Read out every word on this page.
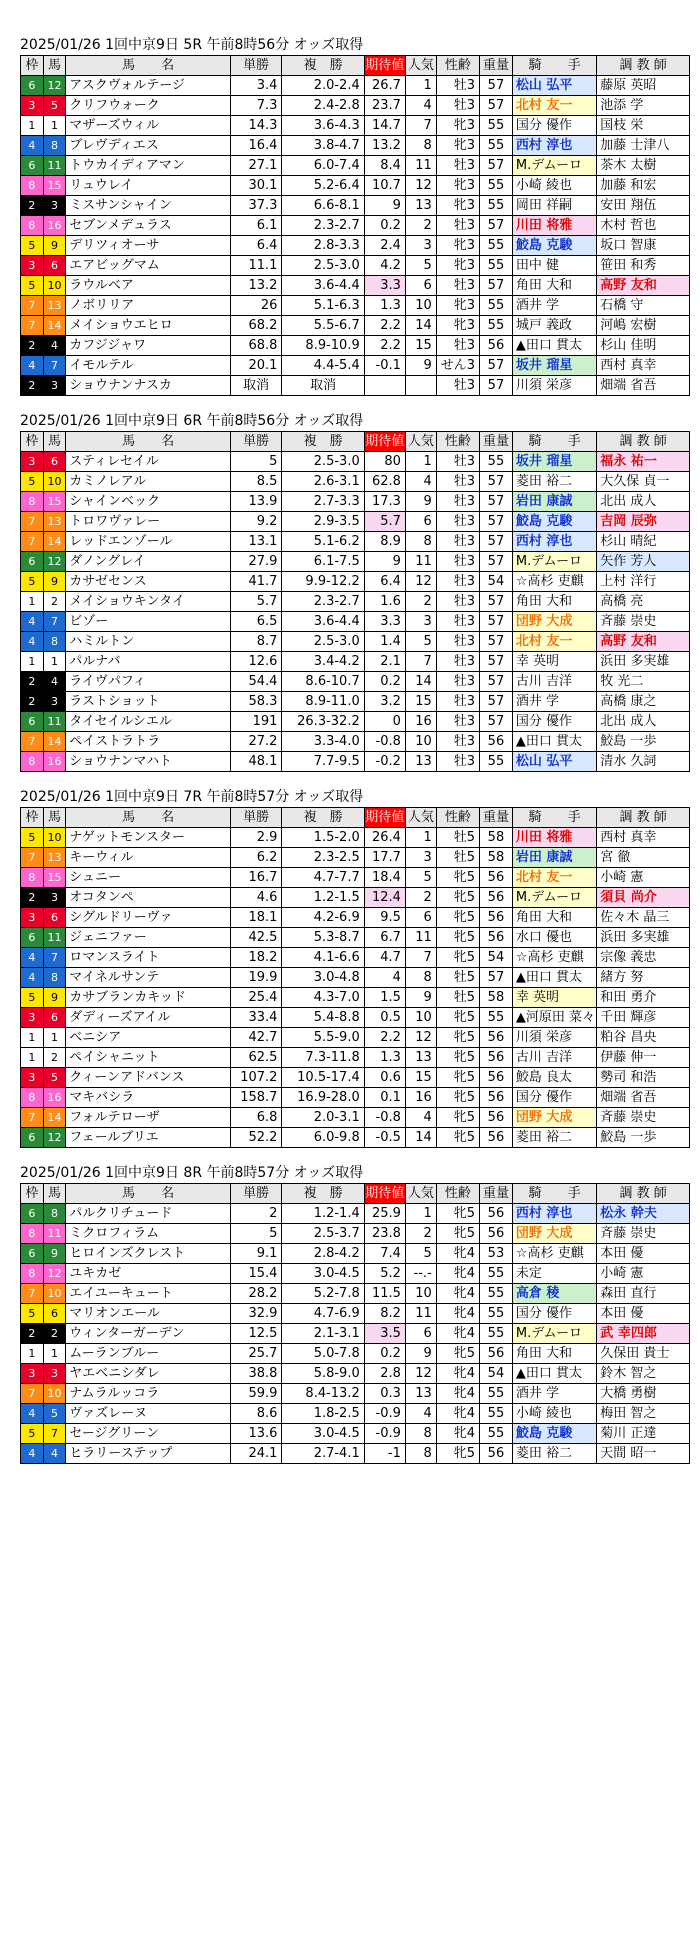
2025/01/26 1回中京9日 5R 午前8時56分 オッズ取得
枠	馬	馬　　名	単勝	複　勝	期待値	人気	性齢	重量	騎　　手	調 教 師
6	12	アスクヴォルテージ	3.4	2.0-2.4	26.7	1	牡3	57	松山 弘平	藤原 英昭
3	5	クリフウォーク	7.3	2.4-2.8	23.7	4	牡3	57	北村 友一	池添 学
1	1	マザーズウィル	14.3	3.6-4.3	14.7	7	牝3	55	国分 優作	国枝 栄
4	8	ブレヴディエス	16.4	3.8-4.7	13.2	8	牝3	55	西村 淳也	加藤 士津八
6	11	トウカイディアマン	27.1	6.0-7.4	8.4	11	牡3	57	M.デムーロ	茶木 太樹
8	15	リュウレイ	30.1	5.2-6.4	10.7	12	牝3	55	小崎 綾也	加藤 和宏
2	3	ミスサンシャイン	37.3	6.6-8.1	9	13	牝3	55	岡田 祥嗣	安田 翔伍
8	16	セブンメデュラス	6.1	2.3-2.7	0.2	2	牡3	57	川田 将雅	木村 哲也
5	9	デリツィオーサ	6.4	2.8-3.3	2.4	3	牝3	55	鮫島 克駿	坂口 智康
3	6	エアビッグマム	11.1	2.5-3.0	4.2	5	牝3	55	田中 健	笹田 和秀
5	10	ラウルベア	13.2	3.6-4.4	3.3	6	牡3	57	角田 大和	高野 友和
7	13	ノボリリア	26	5.1-6.3	1.3	10	牝3	55	酒井 学	石橋 守
7	14	メイショウエヒロ	68.2	5.5-6.7	2.2	14	牝3	55	城戸 義政	河嶋 宏樹
2	4	カフジジャワ	68.8	8.9-10.9	2.2	15	牡3	56	▲田口 貫太	杉山 佳明
4	7	イモルテル	20.1	4.4-5.4	-0.1	9	せん3	57	坂井 瑠星	西村 真幸
2	3	ショウナンナスカ	取消	取消			牡3	57	川須 栄彦	畑端 省吾
2025/01/26 1回中京9日 6R 午前8時56分 オッズ取得
枠	馬	馬　　名	単勝	複　勝	期待値	人気	性齢	重量	騎　　手	調 教 師
3	6	スティレセイル	5	2.5-3.0	80	1	牡3	55	坂井 瑠星	福永 祐一
5	10	カミノレアル	8.5	2.6-3.1	62.8	4	牡3	57	菱田 裕二	大久保 貞一
8	15	シャインベック	13.9	2.7-3.3	17.3	9	牡3	57	岩田 康誠	北出 成人
7	13	トロワヴァレー	9.2	2.9-3.5	5.7	6	牡3	57	鮫島 克駿	吉岡 辰弥
7	14	レッドエンゾール	13.1	5.1-6.2	8.9	8	牡3	57	西村 淳也	杉山 晴紀
6	12	ダノングレイ	27.9	6.1-7.5	9	11	牡3	57	M.デムーロ	矢作 芳人
5	9	カサゼセンス	41.7	9.9-12.2	6.4	12	牡3	54	☆高杉 吏麒	上村 洋行
1	2	メイショウキンタイ	5.7	2.3-2.7	1.6	2	牡3	57	角田 大和	高橋 亮
4	7	ビゾー	6.5	3.6-4.4	3.3	3	牡3	57	団野 大成	斉藤 崇史
4	8	ハミルトン	8.7	2.5-3.0	1.4	5	牡3	57	北村 友一	高野 友和
1	1	パルナバ	12.6	3.4-4.2	2.1	7	牡3	57	幸 英明	浜田 多実雄
2	4	ライヴパフィ	54.4	8.6-10.7	0.2	14	牡3	57	古川 吉洋	牧 光二
2	3	ラストショット	58.3	8.9-11.0	3.2	15	牡3	57	酒井 学	高橋 康之
6	11	タイセイルシエル	191	26.3-32.2	0	16	牡3	57	国分 優作	北出 成人
7	14	ペイストラトラ	27.2	3.3-4.0	-0.8	10	牡3	56	▲田口 貫太	鮫島 一歩
8	16	ショウナンマハト	48.1	7.7-9.5	-0.2	13	牡3	55	松山 弘平	清水 久詞
2025/01/26 1回中京9日 7R 午前8時57分 オッズ取得
枠	馬	馬　　名	単勝	複　勝	期待値	人気	性齢	重量	騎　　手	調 教 師
5	10	ナゲットモンスター	2.9	1.5-2.0	26.4	1	牡5	58	川田 将雅	西村 真幸
7	13	キーウィル	6.2	2.3-2.5	17.7	3	牡5	58	岩田 康誠	宮 徹
8	15	シュニー	16.7	4.7-7.7	18.4	5	牝5	56	北村 友一	小崎 憲
2	3	オコタンペ	4.6	1.2-1.5	12.4	2	牝5	56	M.デムーロ	須貝 尚介
3	6	シグルドリーヴァ	18.1	4.2-6.9	9.5	6	牝5	56	角田 大和	佐々木 晶三
6	11	ジェニファー	42.5	5.3-8.7	6.7	11	牝5	56	水口 優也	浜田 多実雄
4	7	ロマンスライト	18.2	4.1-6.6	4.7	7	牝5	54	☆高杉 吏麒	宗像 義忠
4	8	マイネルサンテ	19.9	3.0-4.8	4	8	牡5	57	▲田口 貫太	緒方 努
5	9	カサブランカキッド	25.4	4.3-7.0	1.5	9	牡5	58	幸 英明	和田 勇介
3	6	ダディーズアイル	33.4	5.4-8.8	0.5	10	牝5	55	▲河原田 菜々	千田 輝彦
1	1	ベニシア	42.7	5.5-9.0	2.2	12	牝5	56	川須 栄彦	粕谷 昌央
1	2	ペイシャニット	62.5	7.3-11.8	1.3	13	牝5	56	古川 吉洋	伊藤 伸一
3	5	クィーンアドバンス	107.2	10.5-17.4	0.6	15	牝5	56	鮫島 良太	勢司 和浩
8	16	マキバシラ	158.7	16.9-28.0	0.1	16	牝5	56	国分 優作	畑端 省吾
7	14	フォルテローザ	6.8	2.0-3.1	-0.8	4	牝5	56	団野 大成	斉藤 崇史
6	12	フェールブリエ	52.2	6.0-9.8	-0.5	14	牝5	56	菱田 裕二	鮫島 一歩
2025/01/26 1回中京9日 8R 午前8時57分 オッズ取得
枠	馬	馬　　名	単勝	複　勝	期待値	人気	性齢	重量	騎　　手	調 教 師
6	8	パルクリチュード	2	1.2-1.4	25.9	1	牝5	56	西村 淳也	松永 幹夫
8	11	ミクロフィラム	5	2.5-3.7	23.8	2	牝5	56	団野 大成	斉藤 崇史
6	9	ヒロインズクレスト	9.1	2.8-4.2	7.4	5	牝4	53	☆高杉 吏麒	本田 優
8	12	ユキカゼ	15.4	3.0-4.5	5.2	--.-	牝4	55	未定	小崎 憲
7	10	エイユーキュート	28.2	5.2-7.8	11.5	10	牝4	55	高倉 稜	森田 直行
5	6	マリオンエール	32.9	4.7-6.9	8.2	11	牝4	55	国分 優作	本田 優
2	2	ウィンターガーデン	12.5	2.1-3.1	3.5	6	牝4	55	M.デムーロ	武 幸四郎
1	1	ムーランブルー	25.7	5.0-7.8	0.2	9	牝5	56	角田 大和	久保田 貴士
3	3	ヤエベニシダレ	38.8	5.8-9.0	2.8	12	牝4	54	▲田口 貫太	鈴木 智之
7	10	ナムラルッコラ	59.9	8.4-13.2	0.3	13	牝4	55	酒井 学	大橋 勇樹
4	5	ヴァズレーヌ	8.6	1.8-2.5	-0.9	4	牝4	55	小崎 綾也	梅田 智之
5	7	セージグリーン	13.6	3.0-4.5	-0.9	8	牝4	55	鮫島 克駿	菊川 正達
4	4	ヒラリーステップ	24.1	2.7-4.1	-1	8	牝5	56	菱田 裕二	天間 昭一
